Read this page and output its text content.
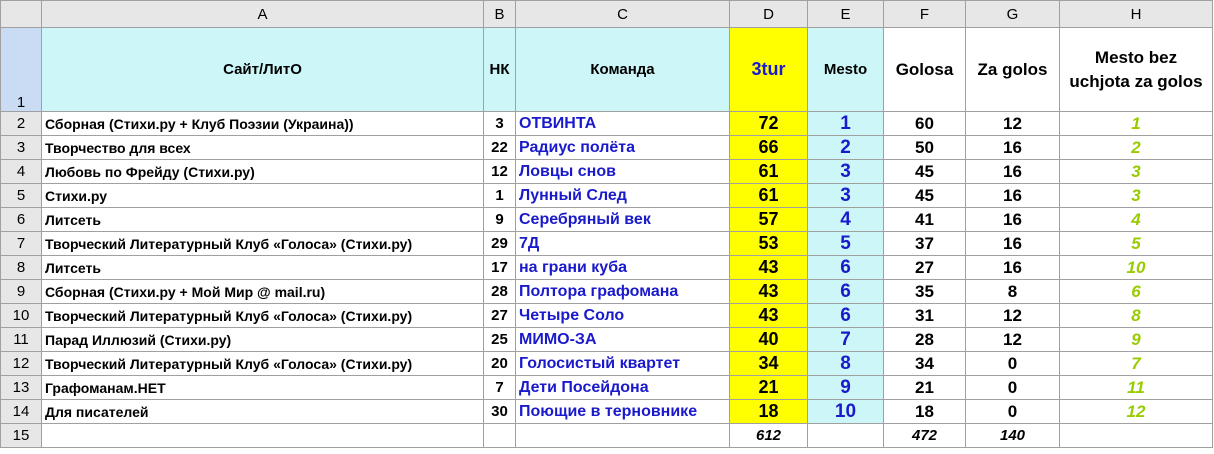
	A	B	C	D	E	F	G	H
1	Сайт/ЛитО	НК	Команда	3tur	Mesto	Golosa	Za golos	Mesto bez uchjota za golos
2	Сборная (Стихи.ру + Клуб Поэзии (Украина))	3	ОТВИНТА	72	1	60	12	1
3	Творчество для всех	22	Радиус полёта	66	2	50	16	2
4	Любовь по Фрейду (Стихи.ру)	12	Ловцы снов	61	3	45	16	3
5	Стихи.ру	1	Лунный След	61	3	45	16	3
6	Литсеть	9	Серебряный век	57	4	41	16	4
7	Творческий Литературный Клуб «Голоса» (Стихи.ру)	29	7Д	53	5	37	16	5
8	Литсеть	17	на грани куба	43	6	27	16	10
9	Сборная (Стихи.ру + Мой Мир @ mail.ru)	28	Полтора графомана	43	6	35	8	6
10	Творческий Литературный Клуб «Голоса» (Стихи.ру)	27	Четыре Соло	43	6	31	12	8
11	Парад Иллюзий (Стихи.ру)	25	МИМО-ЗА	40	7	28	12	9
12	Творческий Литературный Клуб «Голоса» (Стихи.ру)	20	Голосистый квартет	34	8	34	0	7
13	Графоманам.НЕТ	7	Дети Посейдона	21	9	21	0	11
14	Для писателей	30	Поющие в терновнике	18	10	18	0	12
15				612		472	140	
